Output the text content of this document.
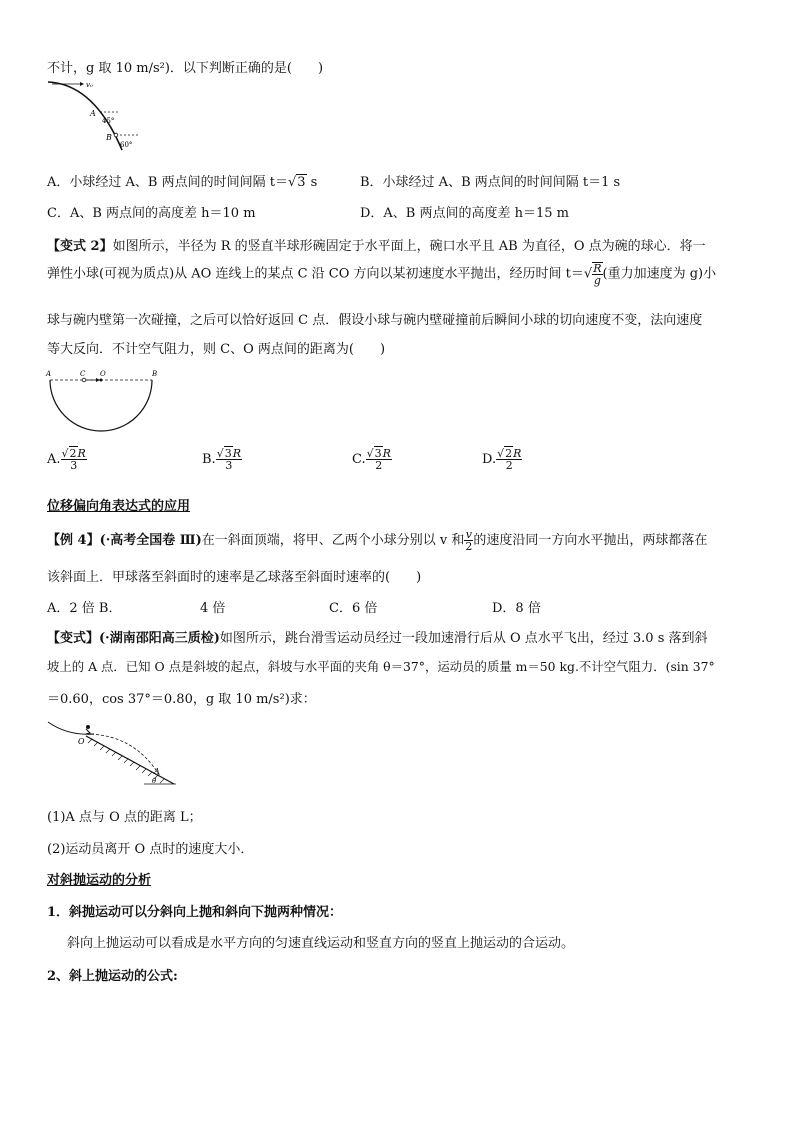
不计，g 取 10 m/s²)．以下判断正确的是(　　)
v₀
A
45°
B
60°
A．小球经过 A、B 两点间的时间间隔 t＝√3 s	B．小球经过 A、B 两点间的时间间隔 t＝1 s
C．A、B 两点间的高度差 h＝10 m	D．A、B 两点间的高度差 h＝15 m
【变式 2】如图所示，半径为 R 的竖直半球形碗固定于水平面上，碗口水平且 AB 为直径，O 点为碗的球心．将一
弹性小球(可视为质点)从 AO 连线上的某点 C 沿 CO 方向以某初速度水平抛出，经历时间 $t=√ \frac{R}{g}$ (重力加速度为 g)小
球与碗内壁第一次碰撞，之后可以恰好返回 C 点．假设小球与碗内壁碰撞前后瞬间小球的切向速度不变，法向速度
等大反向．不计空气阻力，则 C、O 两点间的距离为(　　)
A	C O	B
A. $\frac{√2R}{3}$	B. $\frac{√3R}{3}$	C. $\frac{√3R}{2}$	D. $\frac{√2R}{2}$
位移偏向角表达式的应用
【例 4】(·高考全国卷 Ⅲ)在一斜面顶端，将甲、乙两个小球分别以 v 和 $\frac{v}{2}$ 的速度沿同一方向水平抛出，两球都落在
该斜面上．甲球落至斜面时的速率是乙球落至斜面时速率的(　　)
A．2 倍 B．	4 倍	C．6 倍	D．8 倍
【变式】(·湖南邵阳高三质检)如图所示，跳台滑雪运动员经过一段加速滑行后从 O 点水平飞出，经过 3.0 s 落到斜
坡上的 A 点．已知 O 点是斜坡的起点，斜坡与水平面的夹角 θ＝37°，运动员的质量 m＝50 kg.不计空气阻力．(sin 37°
＝0.60，cos 37°＝0.80，g 取 10 m/s²)求：
O
A
θ
(1)A 点与 O 点的距离 L；
(2)运动员离开 O 点时的速度大小．
对斜抛运动的分析
1．斜抛运动可以分斜向上抛和斜向下抛两种情况：
斜向上抛运动可以看成是水平方向的匀速直线运动和竖直方向的竖直上抛运动的合运动。
2、斜上抛运动的公式:
